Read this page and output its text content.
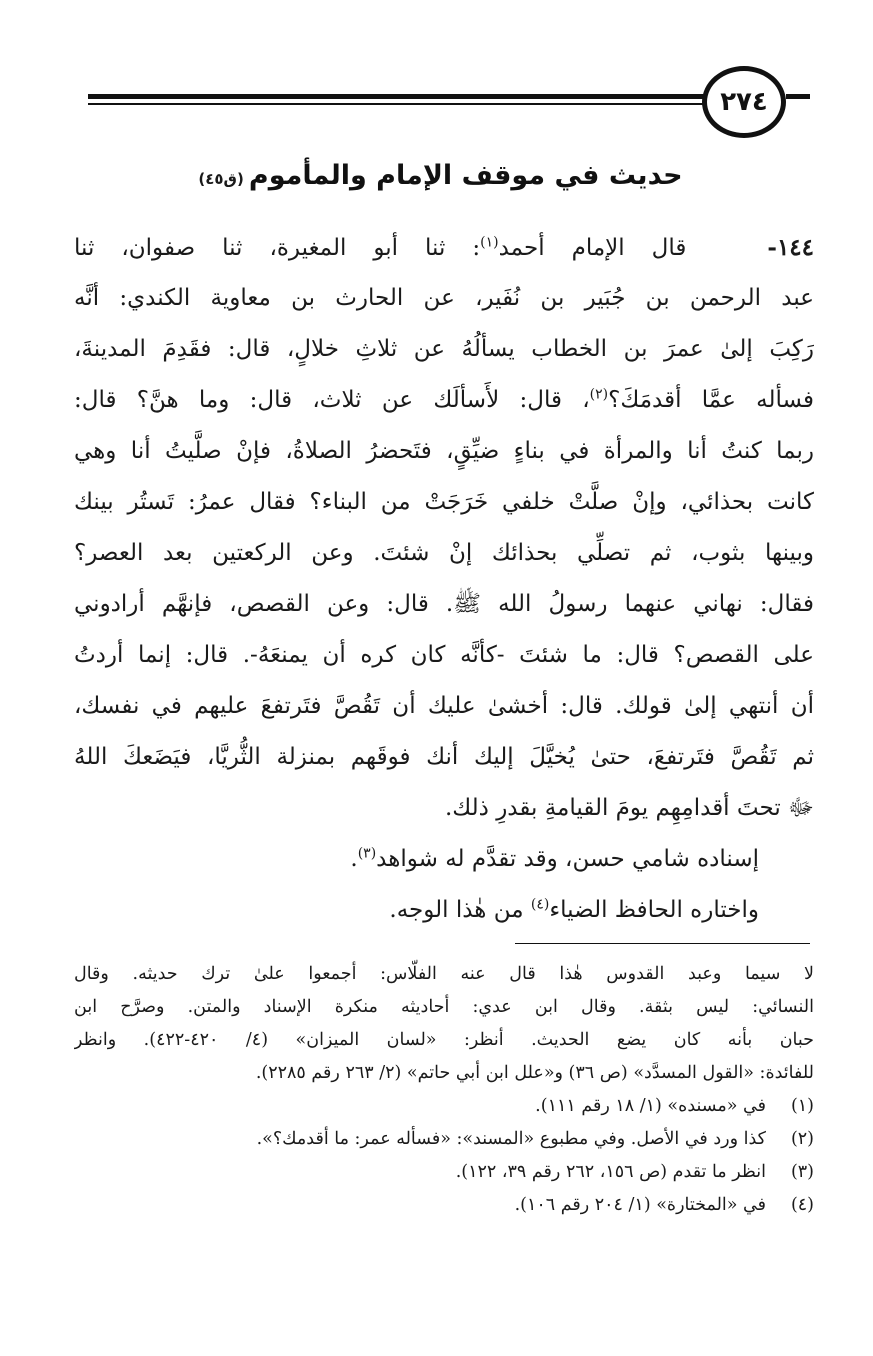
٢٧٤
حديث في موقف الإمام والمأموم (ق٤٥)
١٤٤-   قال الإمام أحمد$^{(١)}$: ثنا أبو المغيرة، ثنا صفوان، ثنا
عبد الرحمن بن جُبَير بن نُفَير، عن الحارث بن معاوية الكندي: أنَّه
رَكِبَ إلىٰ عمرَ بن الخطاب يسألُهُ عن ثلاثِ خلالٍ، قال: فقَدِمَ المدينةَ،
فسأله عمَّا أقدمَكَ؟$^{(٢)}$، قال: لأَسألَك عن ثلاث، قال: وما هنَّ؟ قال:
ربما كنتُ أنا والمرأة في بناءٍ ضيِّقٍ، فتَحضرُ الصلاةُ، فإنْ صلَّيتُ أنا وهي
كانت بحذائي، وإنْ صلَّتْ خلفي خَرَجَتْ من البناء؟ فقال عمرُ: تَستُر بينك
وبينها بثوب، ثم تصلِّي بحذائك إنْ شئتَ. وعن الركعتين بعد العصر؟
فقال: نهاني عنهما رسولُ الله ﷺ. قال: وعن القصص، فإنهَّم أرادوني
على القصص؟ قال: ما شئتَ -كأنَّه كان كره أن يمنعَهُ-. قال: إنما أردتُ
أن أنتهي إلىٰ قولك. قال: أخشىٰ عليك أن تَقُصَّ فتَرتفعَ عليهم في نفسك،
ثم تَقُصَّ فتَرتفعَ، حتىٰ يُخيَّلَ إليك أنك فوقَهم بمنزلة الثُّريَّا، فيَضَعكَ اللهُ
ﷻ تحتَ أقدامِهِم يومَ القيامةِ بقدرِ ذلك.
إسناده شامي حسن، وقد تقدَّم له شواهد$^{(٣)}$.
واختاره الحافظ الضياء$^{(٤)}$ من هٰذا الوجه.
لا سيما وعبد القدوس هٰذا قال عنه الفلّاس: أجمعوا علىٰ ترك حديثه. وقال
النسائي: ليس بثقة. وقال ابن عدي: أحاديثه منكرة الإسناد والمتن. وصرَّح ابن
حبان بأنه كان يضع الحديث. أنظر: «لسان الميزان» (٤/ ٤٢٠-٤٢٢). وانظر
للفائدة: «القول المسدَّد» (ص ٣٦) و«علل ابن أبي حاتم» (٢/ ٢٦٣ رقم ٢٢٨٥).
(١)في «مسنده» (١/ ١٨ رقم ١١١).
(٢)كذا ورد في الأصل. وفي مطبوع «المسند»: «فسأله عمر: ما أقدمك؟».
(٣)انظر ما تقدم (ص ١٥٦، ٢٦٢ رقم ٣٩، ١٢٢).
(٤)في «المختارة» (١/ ٢٠٤ رقم ١٠٦).
